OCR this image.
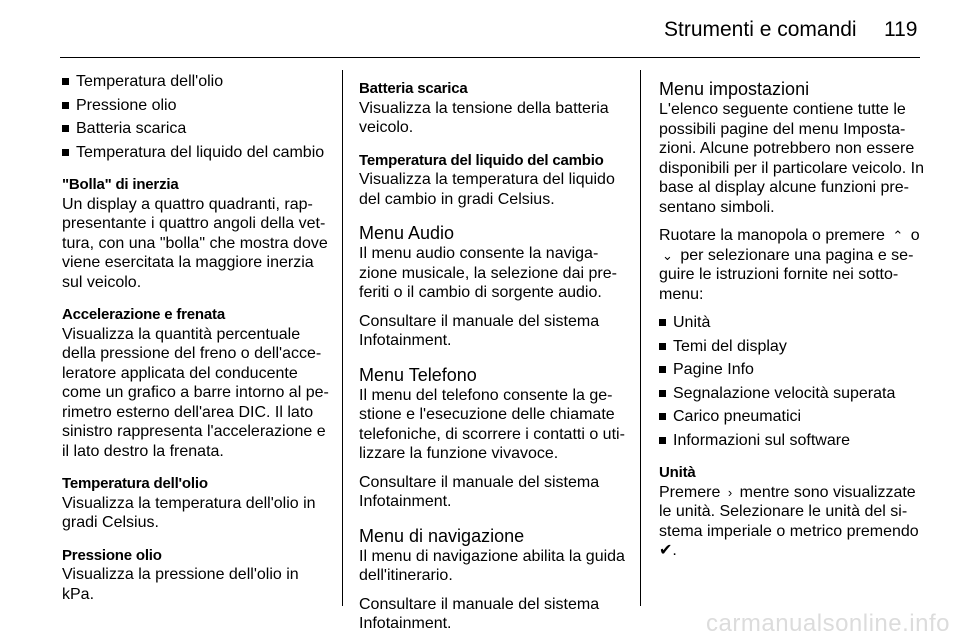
Strumenti e comandi 119
Temperatura dell'olio
Pressione olio
Batteria scarica
Temperatura del liquido del cambio
"Bolla" di inerzia

Un display a quattro quadranti, rappresentante i quattro angoli della vettura, con una "bolla" che mostra dove viene esercitata la maggiore inerzia sul veicolo.

Accelerazione e frenata

Visualizza la quantità percentuale della pressione del freno o dell'acceleratore applicata del conducente come un grafico a barre intorno al perimetro esterno dell'area DIC. Il lato sinistro rappresenta l'accelerazione e il lato destro la frenata.

Temperatura dell'olio

Visualizza la temperatura dell'olio in gradi Celsius.

Pressione olio

Visualizza la pressione dell'olio in kPa.

Batteria scarica

Visualizza la tensione della batteria veicolo.

Temperatura del liquido del cambio

Visualizza la temperatura del liquido del cambio in gradi Celsius.

Menu Audio

Il menu audio consente la navigazione musicale, la selezione dai preferiti o il cambio di sorgente audio.

Consultare il manuale del sistema Infotainment.

Menu Telefono

Il menu del telefono consente la gestione e l'esecuzione delle chiamate telefoniche, di scorrere i contatti o utilizzare la funzione vivavoce.

Consultare il manuale del sistema Infotainment.

Menu di navigazione

Il menu di navigazione abilita la guida dell'itinerario.

Consultare il manuale del sistema Infotainment.

Menu impostazioni

L'elenco seguente contiene tutte le possibili pagine del menu Impostazioni. Alcune potrebbero non essere disponibili per il particolare veicolo. In base al display alcune funzioni presentano simboli.

Ruotare la manopola o premere ⌃ o
⌄ per selezionare una pagina e seguire le istruzioni fornite nei sottomenu:

Unità
Temi del display
Pagine Info
Segnalazione velocità superata
Carico pneumatici
Informazioni sul software
Unità

Premere › mentre sono visualizzate le unità. Selezionare le unità del sistema imperiale o metrico premendo ✔.

carmanualsonline.info
